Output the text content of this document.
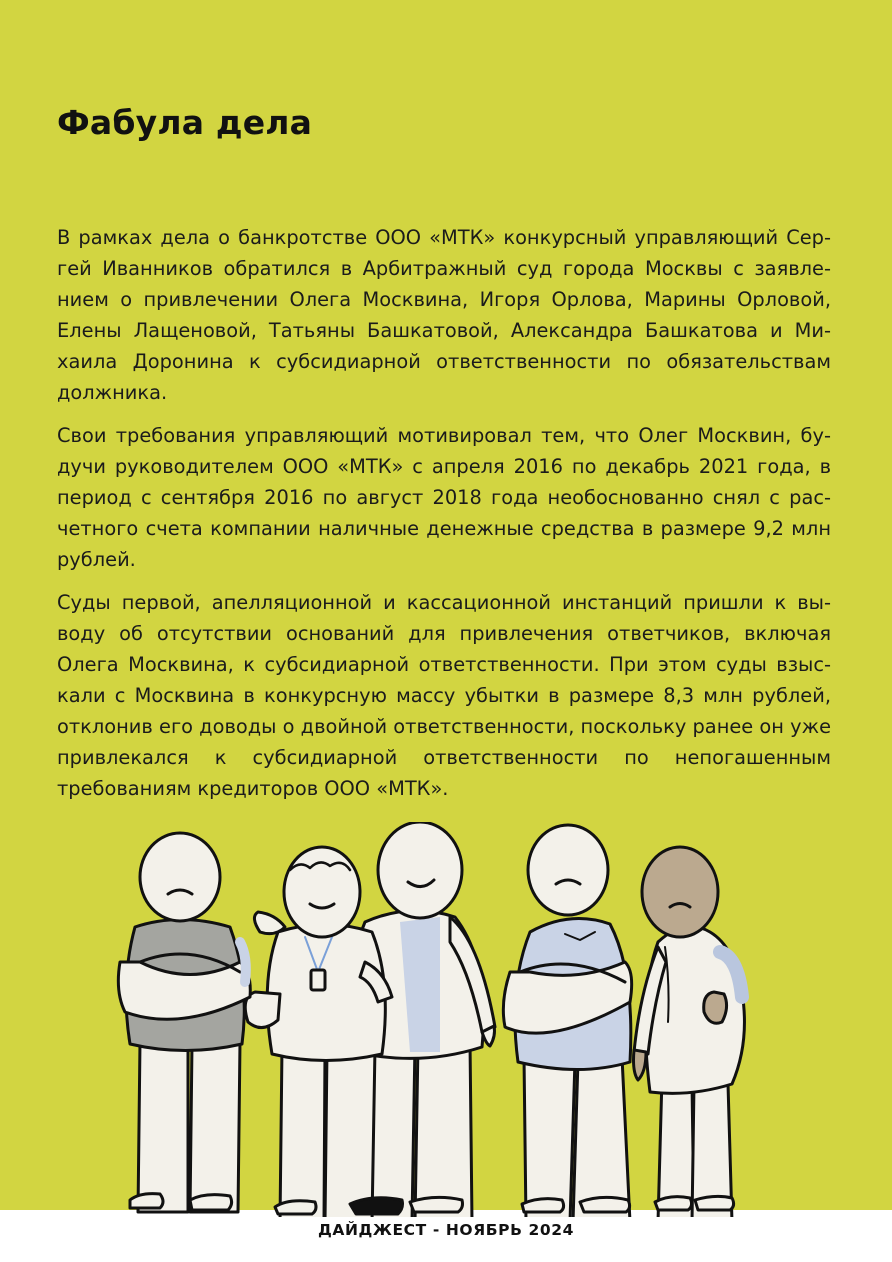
Фабула дела

В рамках дела о банкротстве ООО «МТК» конкурсный управляющий Сергей Иванников обратился в Арбитражный суд города Москвы с заявлением о привлечении Олега Москвина, Игоря Орлова, Марины Орловой, Елены Лащеновой, Татьяны Башкатовой, Александра Башкатова и Михаила Доронина к субсидиарной ответственности по обязательствам должника.

Свои требования управляющий мотивировал тем, что Олег Москвин, будучи руководителем ООО «МТК» с апреля 2016 по декабрь 2021 года, в период с сентября 2016 по август 2018 года необоснованно снял с расчетного счета компании наличные денежные средства в размере 9,2 млн рублей.

Суды первой, апелляционной и кассационной инстанций пришли к выводу об отсутствии оснований для привлечения ответчиков, включая Олега Москвина, к субсидиарной ответственности. При этом суды взыскали с Москвина в конкурсную массу убытки в размере 8,3 млн рублей, отклонив его доводы о двойной ответственности, поскольку ранее он уже привлекался к субсидиарной ответственности по непогашенным требованиям кредиторов ООО «МТК».

ДАЙДЖЕСТ - НОЯБРЬ 2024
